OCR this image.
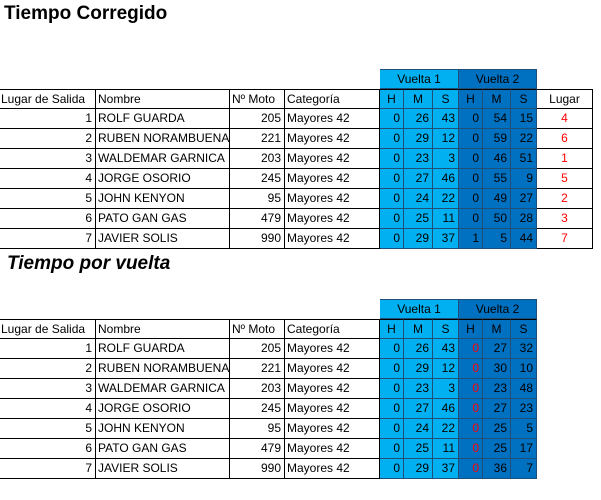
Tiempo Corregido
Vuelta 1	Vuelta 2
Lugar de Salida	Nombre	Nº Moto Categoría	H	M	S	H	M	S	Lugar
1 ROLF GUARDA	205 Mayores 42	0	26	43	0	54	15	4
2 RUBEN NORAMBUENA	221 Mayores 42	0	29	12	0	59	22	6
3 WALDEMAR GARNICA	203 Mayores 42	0	23	3	0	46	51	1
4 JORGE OSORIO	245 Mayores 42	0	27	46	0	55	9	5
5 JOHN KENYON	95 Mayores 42	0	24	22	0	49	27	2
6 PATO GAN GAS	479 Mayores 42	0	25	11	0	50	28	3
7 JAVIER SOLIS	990 Mayores 42	0	29	37	1	5	44	7
Tiempo por vuelta
Vuelta 1	Vuelta 2
Lugar de Salida	Nombre	Nº Moto Categoría	H	M	S	H	M	S
1 ROLF GUARDA	205 Mayores 42	0	26	43	0	27	32
2 RUBEN NORAMBUENA	221 Mayores 42	0	29	12	0	30	10
3 WALDEMAR GARNICA	203 Mayores 42	0	23	3	0	23	48
4 JORGE OSORIO	245 Mayores 42	0	27	46	0	27	23
5 JOHN KENYON	95 Mayores 42	0	24	22	0	25	5
6 PATO GAN GAS	479 Mayores 42	0	25	11	0	25	17
7 JAVIER SOLIS	990 Mayores 42	0	29	37	0	36	7
